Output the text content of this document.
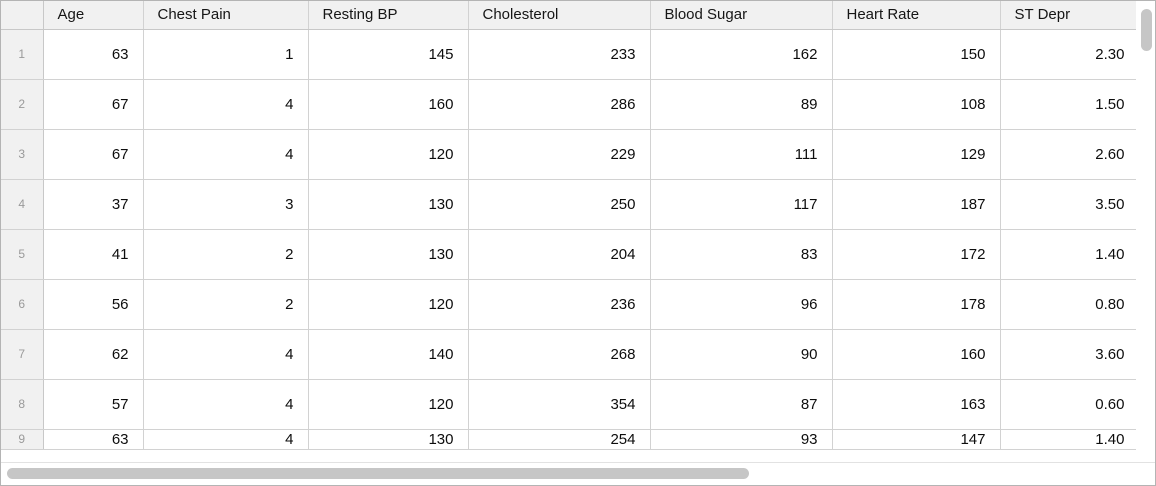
	Age	Chest Pain	Resting BP	Cholesterol	Blood Sugar	Heart Rate	ST Depr
1	63	1	145	233	162	150	2.30
2	67	4	160	286	89	108	1.50
3	67	4	120	229	111	129	2.60
4	37	3	130	250	117	187	3.50
5	41	2	130	204	83	172	1.40
6	56	2	120	236	96	178	0.80
7	62	4	140	268	90	160	3.60
8	57	4	120	354	87	163	0.60
9	63	4	130	254	93	147	1.40
